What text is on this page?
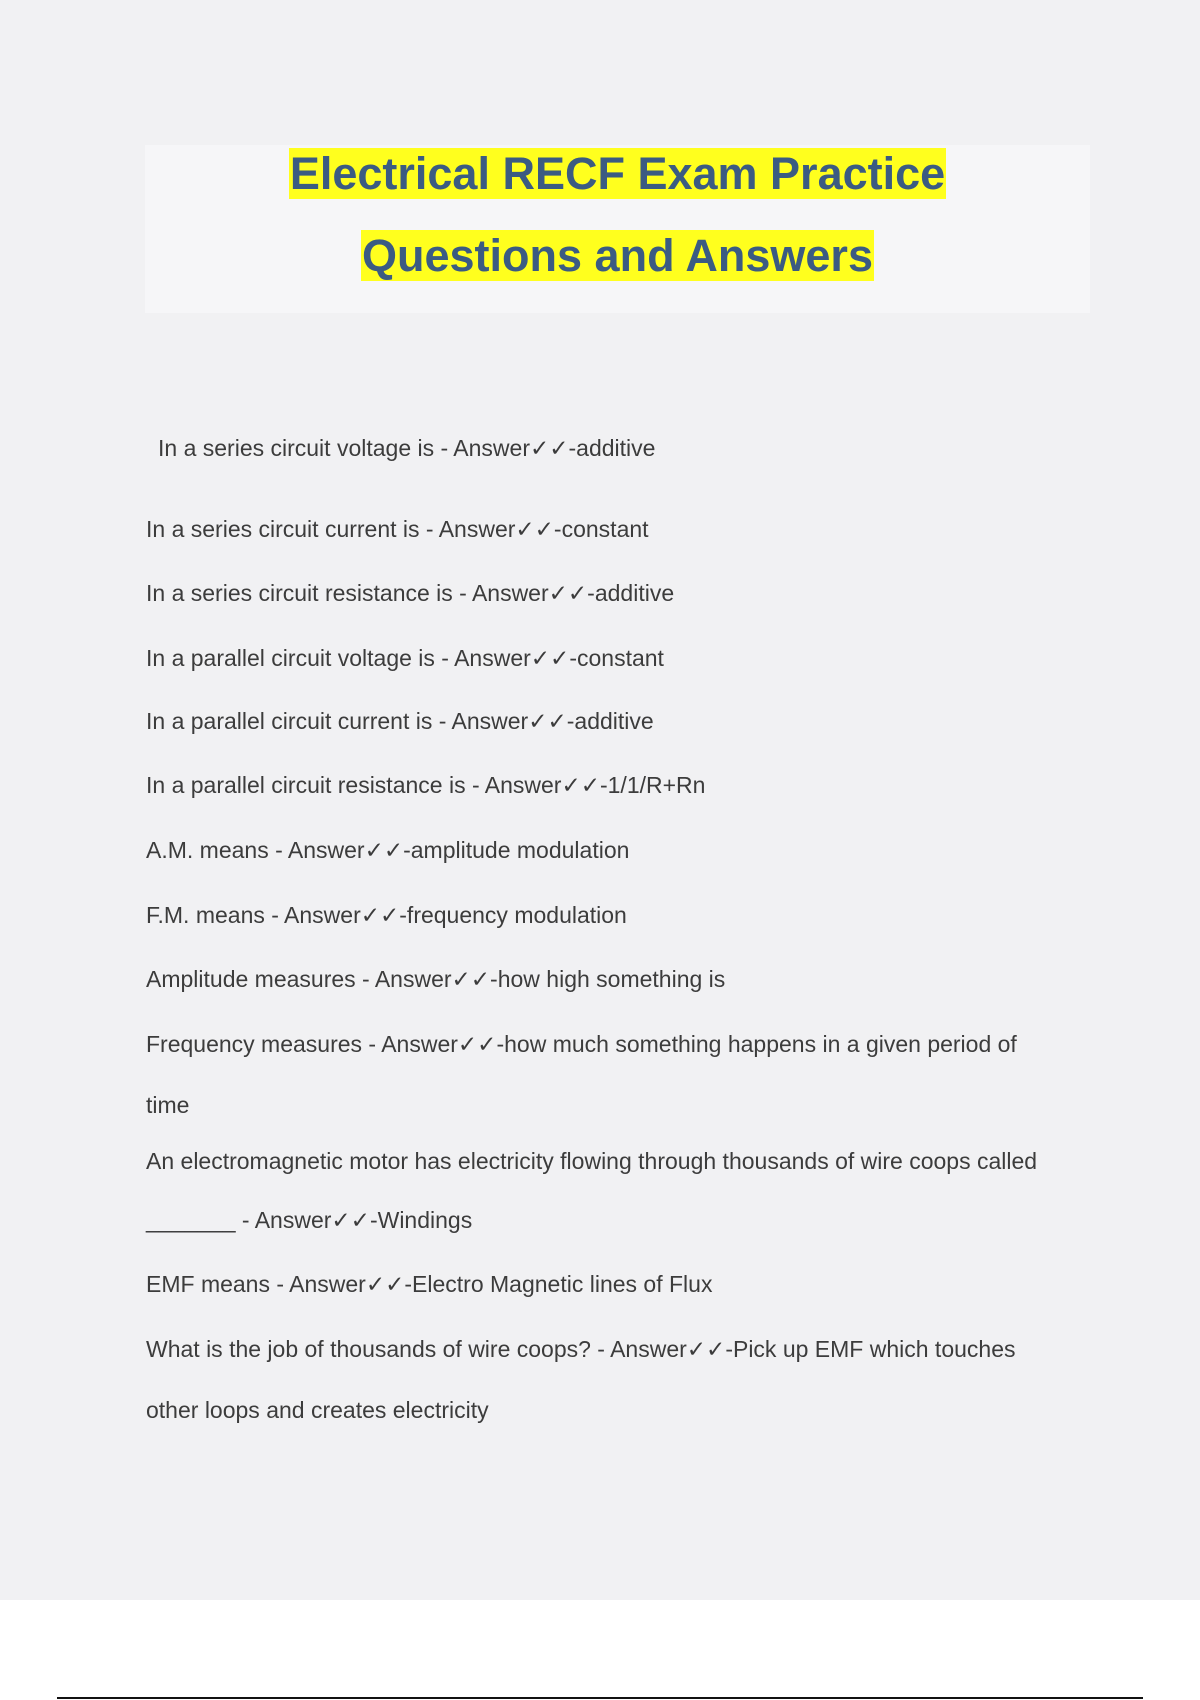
Electrical RECF Exam Practice
Questions and Answers

In a series circuit voltage is - Answer✓✓-additive

In a series circuit current is - Answer✓✓-constant

In a series circuit resistance is - Answer✓✓-additive

In a parallel circuit voltage is - Answer✓✓-constant

In a parallel circuit current is - Answer✓✓-additive

In a parallel circuit resistance is - Answer✓✓-1/1/R+Rn

A.M. means - Answer✓✓-amplitude modulation

F.M. means - Answer✓✓-frequency modulation

Amplitude measures - Answer✓✓-how high something is

Frequency measures - Answer✓✓-how much something happens in a given period of

time

An electromagnetic motor has electricity flowing through thousands of wire coops called

_______ - Answer✓✓-Windings

EMF means - Answer✓✓-Electro Magnetic lines of Flux

What is the job of thousands of wire coops? - Answer✓✓-Pick up EMF which touches

other loops and creates electricity
